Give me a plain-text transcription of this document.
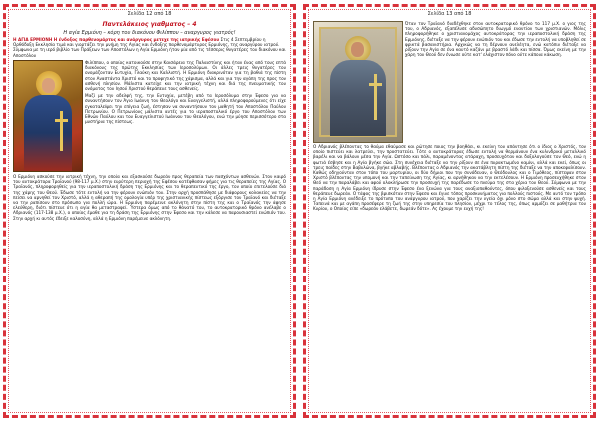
Σελίδα 12 από 18
Παντελάκειος γιαθματος – 4
Η αγία Ερμιόνη – κόρη του διακόνου Φιλίππου – αναργυρος γιατρός!
Η ΑΓΙΑ ΕΡΜΙΟΝΗ Η ένδοξος παρθενομάρτυς και ανάργυρος μετεχε της ιατρικής Εφέσου Στις 4 Σεπτεμβρίου η Ορθόδοξη Εκκλησία τιμά και γιορτάζει την μνήμη της Αγίας και ένδοξης παρθενομάρτυρος Ερμιόνης, της αναργύρου ιατρού. Σύμφωνα με τη ιερό βιβλίο των Πράξεων των Αποστόλων η Αγία Ερμιόνη ήταν μία από τις τέσσερις θυγατέρες του διακόνου και Αποστόλου

Φιλίππου, ο οποίος κατοικούσε στην Καισάρεια της Παλαιστίνης και ήταν ένας από τους επτά διακόνους της πρώτης Εκκλησίας των Ιεροσολύμων. Οι άλλες τρεις θυγατέρες του ονομάζονταν Ευτυχία, Γλαύκη και Καλλιστή. Η Ερμιόνη διακρινόταν για τη βαθιά της πίστη στον Αναστάντα Χριστό και το προφητικό της χάρισμα, αλλά και για την αγάπη της προς τον ασθενή πλησίον. Μάλιστα κατείχε και την ιατρική τέχνη και διά της πνευματικής του ονόματος του Ιησού Χριστού θεράπευε τους ασθενείς.

Μαζί με την αδελφή της, την Ευτυχία, μετέβη από τα Ιεροσόλυμα στην Έφεσο για να συναντήσουν τον Άγιο Ιωάννη τον Θεολόγο και Ευαγγελιστή, αλλά πληροφορούμενες ότι είχε εγκαταλείψει την επίγεια ζωή, έστησαν να συναντήσουν τον μαθητή του Αποστόλου Παύλου Πετρωνίου. Ο Πετρωνίους μάλιστα αυτές για το ιεραποστολικό έργο του Αποστόλου των Εθνών Παύλου και του Ευαγγελιστού Ιωάννου του Θεολόγου, ενώ την μύησε περισσότερο στα μυστήρια της πίστεως.

Ο Ερμιόνη ασκούσε την ιατρική τέχνη, την οποία και εξασκούσε δωρεάν προς θεραπεία των πασχόντων ασθενών. Στον καιρό του αυτοκράτορα Τραϊανού (98-117 μ.Χ.) στην ευρύτερη περιοχή της Εφέσου κατέφθασαν φήμες για τις θεραπείες της Αγίας. Ο Τραϊανός, πληροφορηθείς για την ιεραποστολική δράση της Ερμιόνης και το θεραπευτικό της έργο, τον οποίο επιτελούσε διά της χάρης του Θεού. Έδωσε τότε εντολή να την φέρουν ενώπιόν του. Στην αρχή προσπάθησε με διάφορους κολακείες να την πείσει να αρνηθεί τον Χριστό, αλλά η αθεραπή της ομολογία υπέρ της χριστιανικής πίστεως εξόργισε τον Τραϊανό και διέταξε να την ραπίσουν στο πρόσωπο για πολλή ώρα. Η Ερμιόνη παρέμεινε ακλόνητη στην πίστη της και ο Τραϊανός την άφησε ελεύθερη, διότι πίστευε ότι η αγία θα μεταστραφεί. Ύστερα όμως από το θάνατό του, το αυτοκρατορικό θρόνο ανέλαβε ο Αδριανός (117-138 μ.Χ.), ο οποίος έμαθε για τη δράση της Ερμιόνης στην Έφεσο και την κάλεσε να παρουσιαστεί ενώπιόν του. Στην αρχή κι αυτός έδειξε καλοσύνη, αλλά η Ερμιόνη παρέμεινε ακλόνητη.

Σελίδα 13 από 18

Όταν τον Τραϊανό διαδέχθηκε στον αυτοκρατορικό θρόνο το 117 μ.Χ. ο γιος της του, ο Αδριανός, εξαπέλυσε αδυσώπητο διωγμό εναντίον των χριστιανών. Μόλις πληροφορήθηκε ο χριστιανομάχος αυτοκράτορας την ιεραποστολική δράση της Ερμιόνης, διέταξε να την φέρουν ενώπιόν του και έδωσε την εντολή να υποβληθεί σε φρικτά βασανιστήρια. Αρχικώς να τη δέρνουν ανελέητα, ενώ κατόπιν διέταξε να ρίξουν την Αγία σε ένα καυτό καζάνι με βραστό λάδι και πίσσα. Όμως εκείνη με την χάρη του Θεού δεν ένιωσε ούτε κατ' ελάχιστον πόνο ούτε κάποια κάκωση.

Ο Αδριανός βλέποντας το θαύμα εθαύμασε και ρώτησε ποιος την βοηθάει, κι εκείνη του απάντησε ότι ο ίδιος ο Χριστός, τον οποίο πιστεύει και λατρεύει, την προστατεύει. Τότε ο αυτοκράτορας έδωσε εντολή να θερμάνουν ένα κυλινδρικό μεταλλικό βαρέλι και να βάλουν μέσα την Αγία. Ωστόσο και πάλι, παραμένοντας ατάραχη, προσευχόταν και δοξολογούσε τον Θεό, ενώ η φωτιά έσβησε και η Αγία βγήκε σώα. Στη συνέχεια διέταξε να την ρίξουν σε ένα πυρακτωμένο καμίνι, αλλά και εκεί, όπως οι τρεις παίδες στην Βαβυλώνα, βγήκε αβλαβής. Βλέποντας ο Αδριανός την ακατάβλητη πίστη της διέταξε να την αποκεφαλίσουν. Καθώς οδηγούνταν στον τόπο του μαρτυρίου, οι δύο δήμιοι που την συνόδευαν, ο Θεόδουλος και ο Τιμόθεος, πίστεψαν στον Χριστό βλέποντας την υπομονή και την ταπείνωση της Αγίας, κι αρνήθηκαν να την εκτελέσουν. Η Ερμιόνη προσευχήθηκε στον Θεό να την παραλάβει και αφού ολοκλήρωσε την προσευχή της παρέδωσε το πνεύμα της στα χέρια του Θεού. Σύμφωνα με την παράδοση η Αγία Ερμιόνη ίδρυσε στην Έφεσο ένα ξενώνα για τους αναξιοπαθούντες, όπου φιλοξενούσε ασθενείς και τους θεράπευε δωρεάν. Ο τάφος της βρισκόταν στην Έφεσο και έγινε τόπος προσκυνήματος για πολλούς πιστούς. Με αυτό τον τρόπο η Αγία Ερμιόνη ανέδειξε το πρότυπο του ανάργυρου ιατρού, που χαρίζει την υγεία όχι μόνο στο σώμα αλλά και στην ψυχή. Ταπεινά και με αγάπη προσέφερε τη ζωή της στην υπηρεσία του πλησίον, μέχρι το τέλος της, όπως αρμόζει σε μαθήτρια του Κυρίου, ο Οποίος είπε «δωρεάν ελάβετε, δωρεάν δότε». Ας έχουμε την ευχή της!
